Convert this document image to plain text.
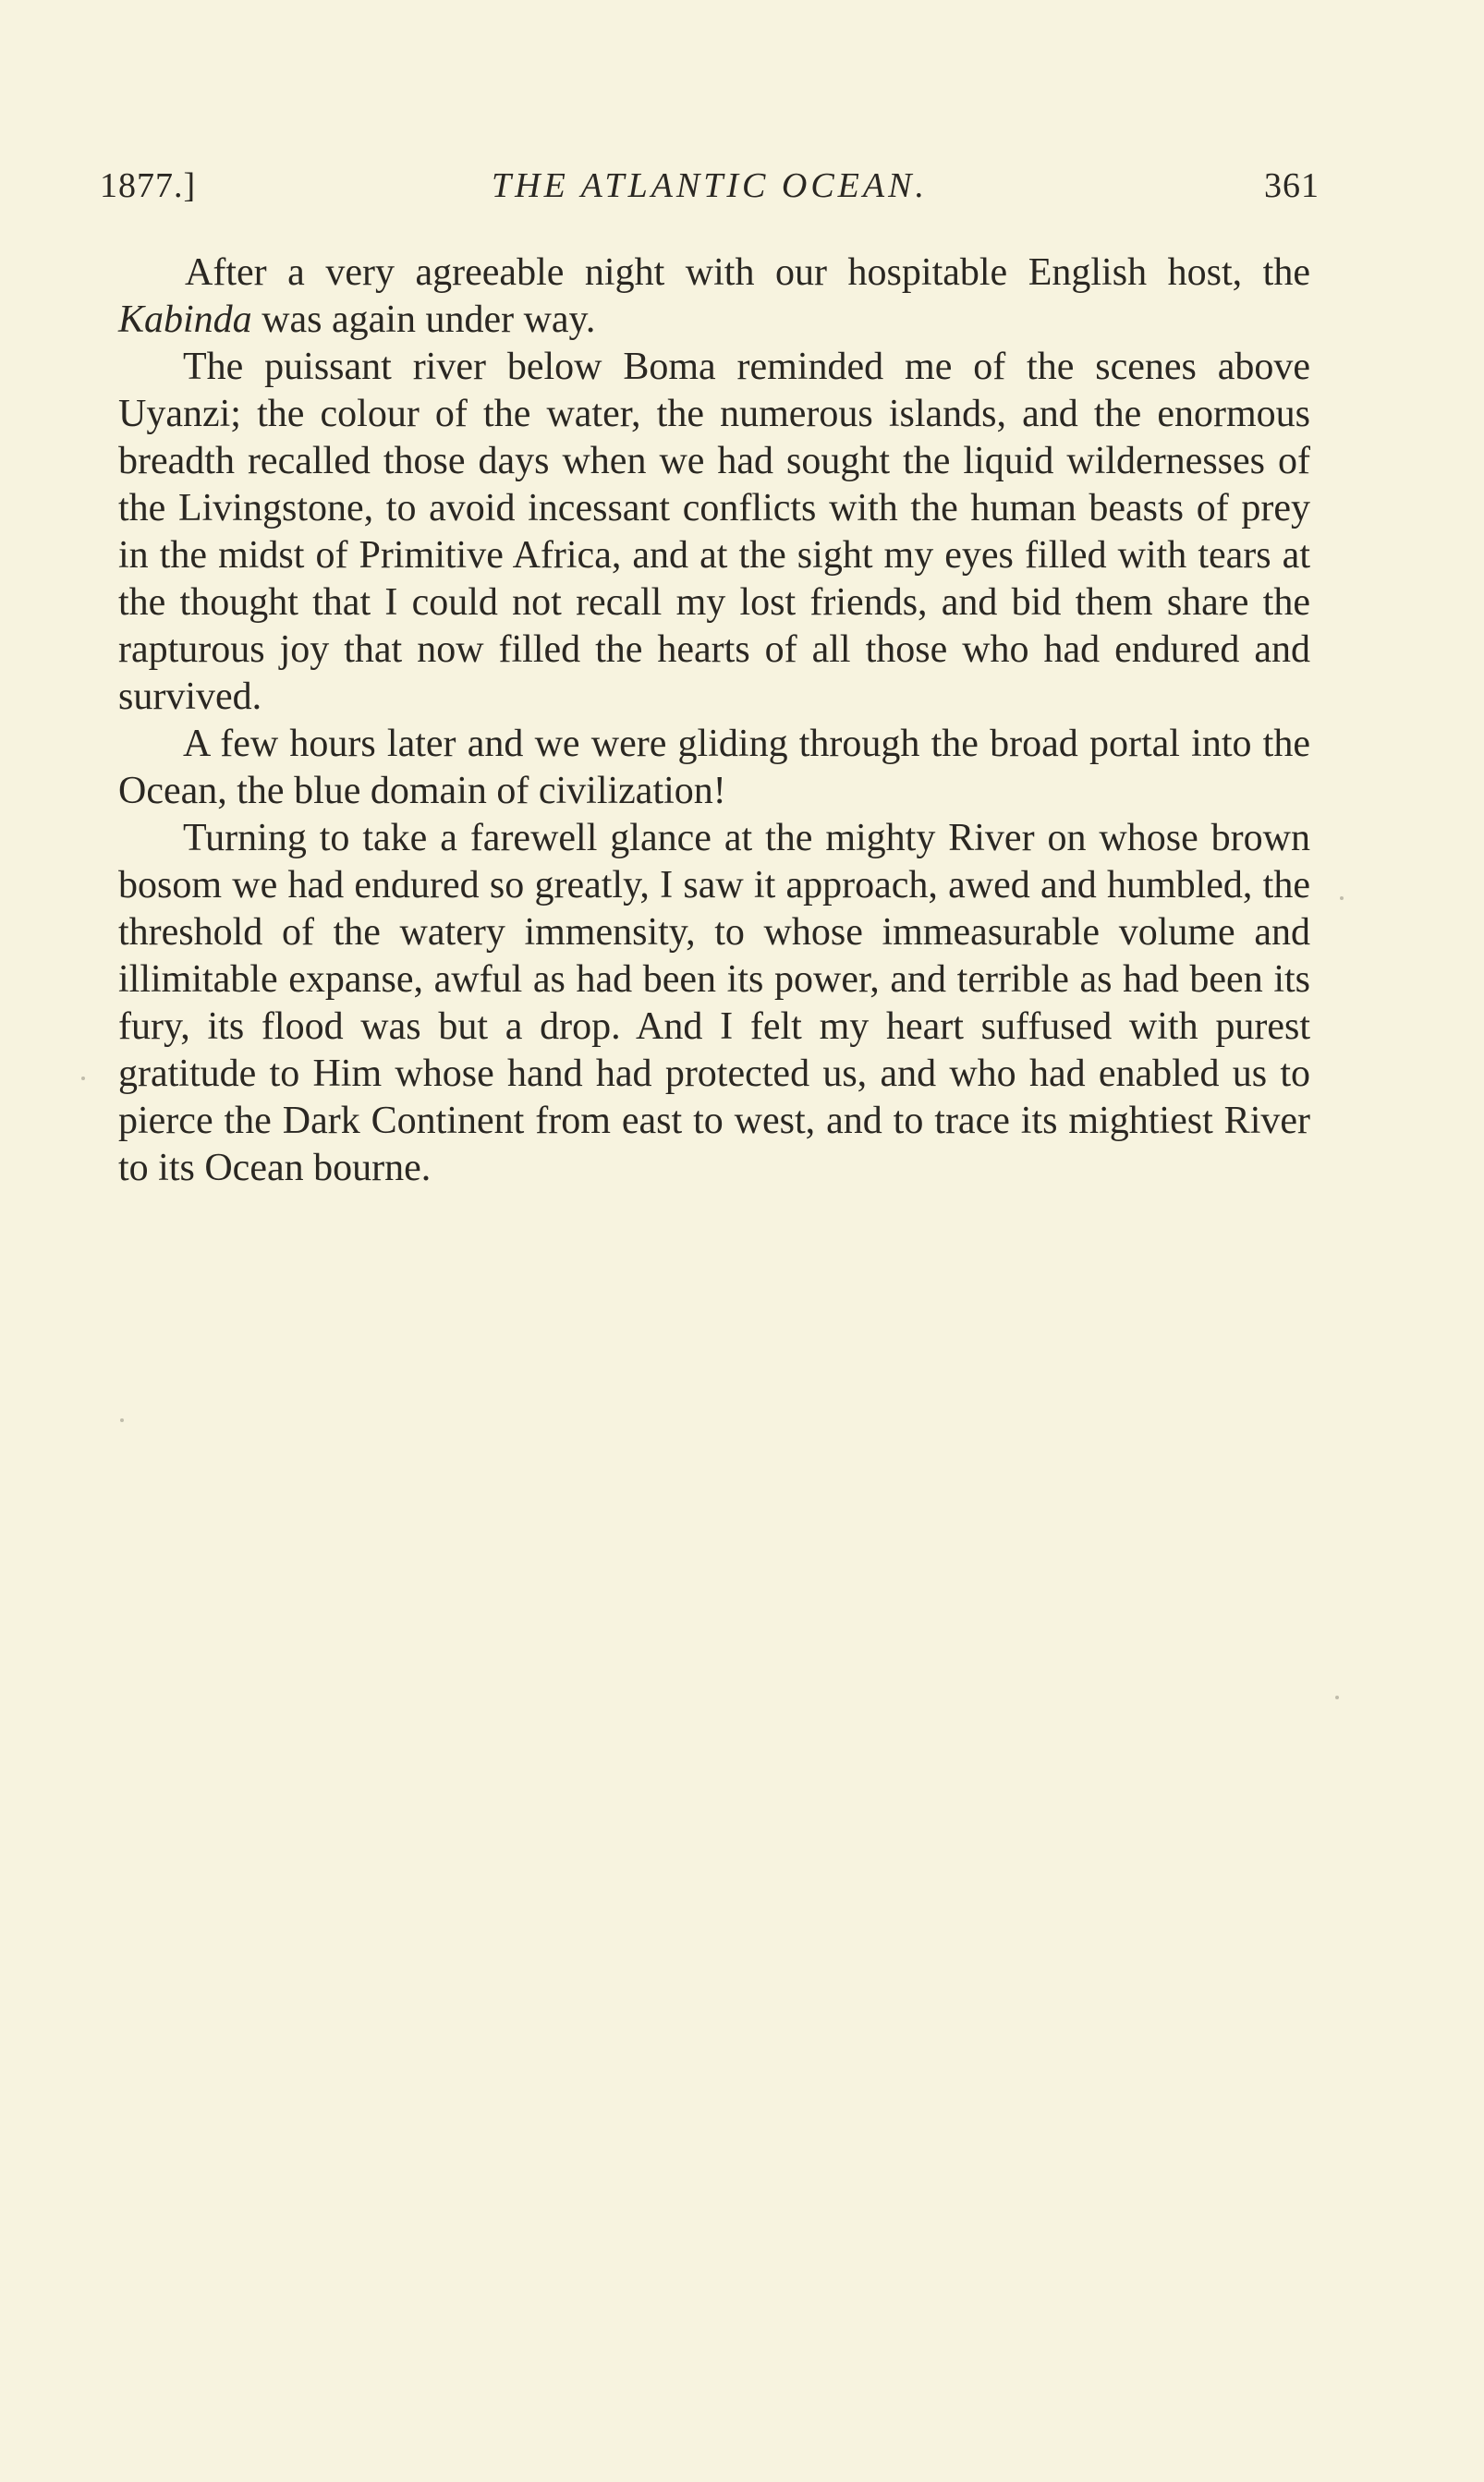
1877.]	THE ATLANTIC OCEAN.	361

After a very agreeable night with our hospitable English host, the Kabinda was again under way.

The puissant river below Boma reminded me of the scenes above Uyanzi; the colour of the water, the numerous islands, and the enormous breadth recalled those days when we had sought the liquid wildernesses of the Livingstone, to avoid incessant conflicts with the human beasts of prey in the midst of Primitive Africa, and at the sight my eyes filled with tears at the thought that I could not recall my lost friends, and bid them share the rapturous joy that now filled the hearts of all those who had endured and survived.

A few hours later and we were gliding through the broad portal into the Ocean, the blue domain of civilization!

Turning to take a farewell glance at the mighty River on whose brown bosom we had endured so greatly, I saw it approach, awed and humbled, the threshold of the watery immensity, to whose immeasurable volume and illimitable expanse, awful as had been its power, and terrible as had been its fury, its flood was but a drop. And I felt my heart suffused with purest gratitude to Him whose hand had protected us, and who had enabled us to pierce the Dark Continent from east to west, and to trace its mightiest River to its Ocean bourne.
